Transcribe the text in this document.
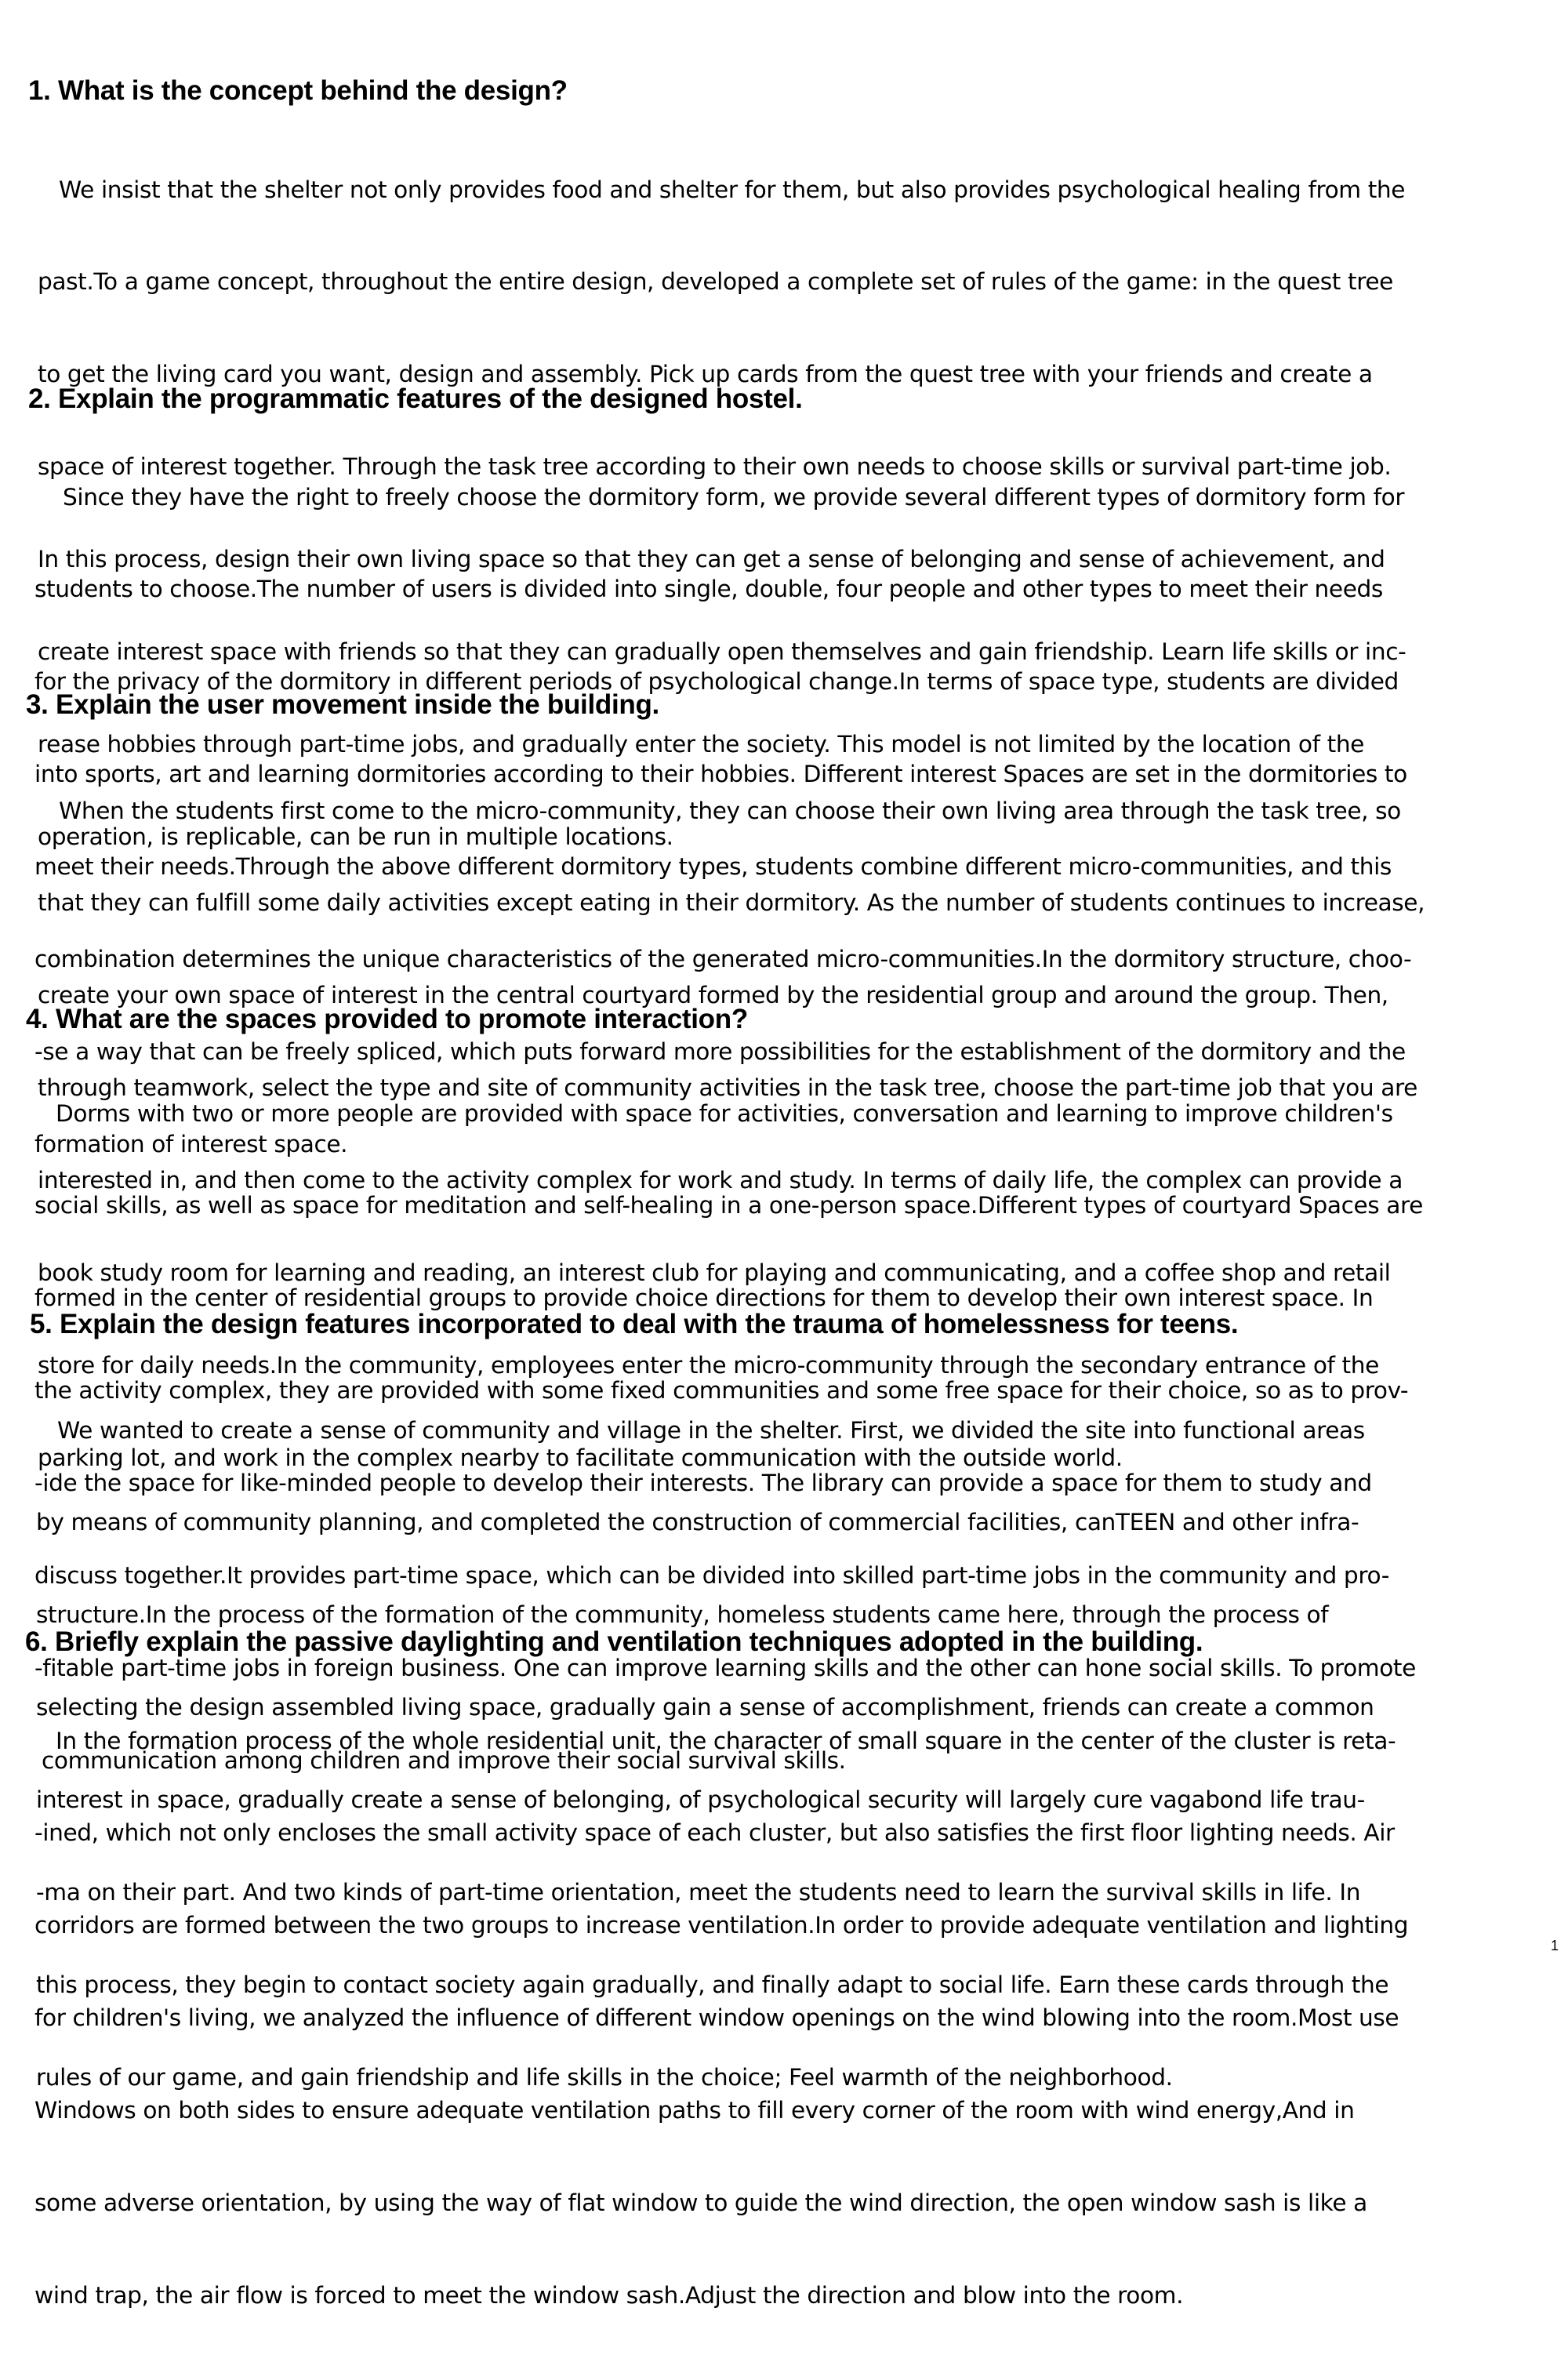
1. What is the concept behind the design?

We insist that the shelter not only provides food and shelter for them, but also provides psychological healing from the

past.To a game concept, throughout the entire design, developed a complete set of rules of the game: in the quest tree

to get the living card you want, design and assembly. Pick up cards from the quest tree with your friends and create a

space of interest together. Through the task tree according to their own needs to choose skills or survival part-time job.

In this process, design their own living space so that they can get a sense of belonging and sense of achievement, and

create interest space with friends so that they can gradually open themselves and gain friendship. Learn life skills or inc-

rease hobbies through part-time jobs, and gradually enter the society. This model is not limited by the location of the

operation, is replicable, can be run in multiple locations.

2. Explain the programmatic features of the designed hostel.

Since they have the right to freely choose the dormitory form, we provide several different types of dormitory form for

students to choose.The number of users is divided into single, double, four people and other types to meet their needs

for the privacy of the dormitory in different periods of psychological change.In terms of space type, students are divided

into sports, art and learning dormitories according to their hobbies. Different interest Spaces are set in the dormitories to

meet their needs.Through the above different dormitory types, students combine different micro-communities, and this

combination determines the unique characteristics of the generated micro-communities.In the dormitory structure, choo-

-se a way that can be freely spliced, which puts forward more possibilities for the establishment of the dormitory and the

formation of interest space.

3. Explain the user movement inside the building.

When the students first come to the micro-community, they can choose their own living area through the task tree, so

that they can fulfill some daily activities except eating in their dormitory. As the number of students continues to increase,

create your own space of interest in the central courtyard formed by the residential group and around the group. Then,

through teamwork, select the type and site of community activities in the task tree, choose the part-time job that you are

interested in, and then come to the activity complex for work and study. In terms of daily life, the complex can provide a

book study room for learning and reading, an interest club for playing and communicating, and a coffee shop and retail

store for daily needs.In the community, employees enter the micro-community through the secondary entrance of the

parking lot, and work in the complex nearby to facilitate communication with the outside world.

4. What are the spaces provided to promote interaction?

Dorms with two or more people are provided with space for activities, conversation and learning to improve children's

social skills, as well as space for meditation and self-healing in a one-person space.Different types of courtyard Spaces are

formed in the center of residential groups to provide choice directions for them to develop their own interest space. In

the activity complex, they are provided with some fixed communities and some free space for their choice, so as to prov-

-ide the space for like-minded people to develop their interests. The library can provide a space for them to study and

discuss together.It provides part-time space, which can be divided into skilled part-time jobs in the community and pro-

-fitable part-time jobs in foreign business. One can improve learning skills and the other can hone social skills. To promote

communication among children and improve their social survival skills.

5. Explain the design features incorporated to deal with the trauma of homelessness for teens.

We wanted to create a sense of community and village in the shelter. First, we divided the site into functional areas

by means of community planning, and completed the construction of commercial facilities, canTEEN and other infra-

structure.In the process of the formation of the community, homeless students came here, through the process of

selecting the design assembled living space, gradually gain a sense of accomplishment, friends can create a common

interest in space, gradually create a sense of belonging, of psychological security will largely cure vagabond life trau-

-ma on their part. And two kinds of part-time orientation, meet the students need to learn the survival skills in life. In

this process, they begin to contact society again gradually, and finally adapt to social life. Earn these cards through the

rules of our game, and gain friendship and life skills in the choice; Feel warmth of the neighborhood.

6. Briefly explain the passive daylighting and ventilation techniques adopted in the building.

In the formation process of the whole residential unit, the character of small square in the center of the cluster is reta-

-ined, which not only encloses the small activity space of each cluster, but also satisfies the first floor lighting needs. Air

corridors are formed between the two groups to increase ventilation.In order to provide adequate ventilation and lighting

for children's living, we analyzed the influence of different window openings on the wind blowing into the room.Most use

Windows on both sides to ensure adequate ventilation paths to fill every corner of the room with wind energy,And in

some adverse orientation, by using the way of flat window to guide the wind direction, the open window sash is like a

wind trap, the air flow is forced to meet the window sash.Adjust the direction and blow into the room.

1
